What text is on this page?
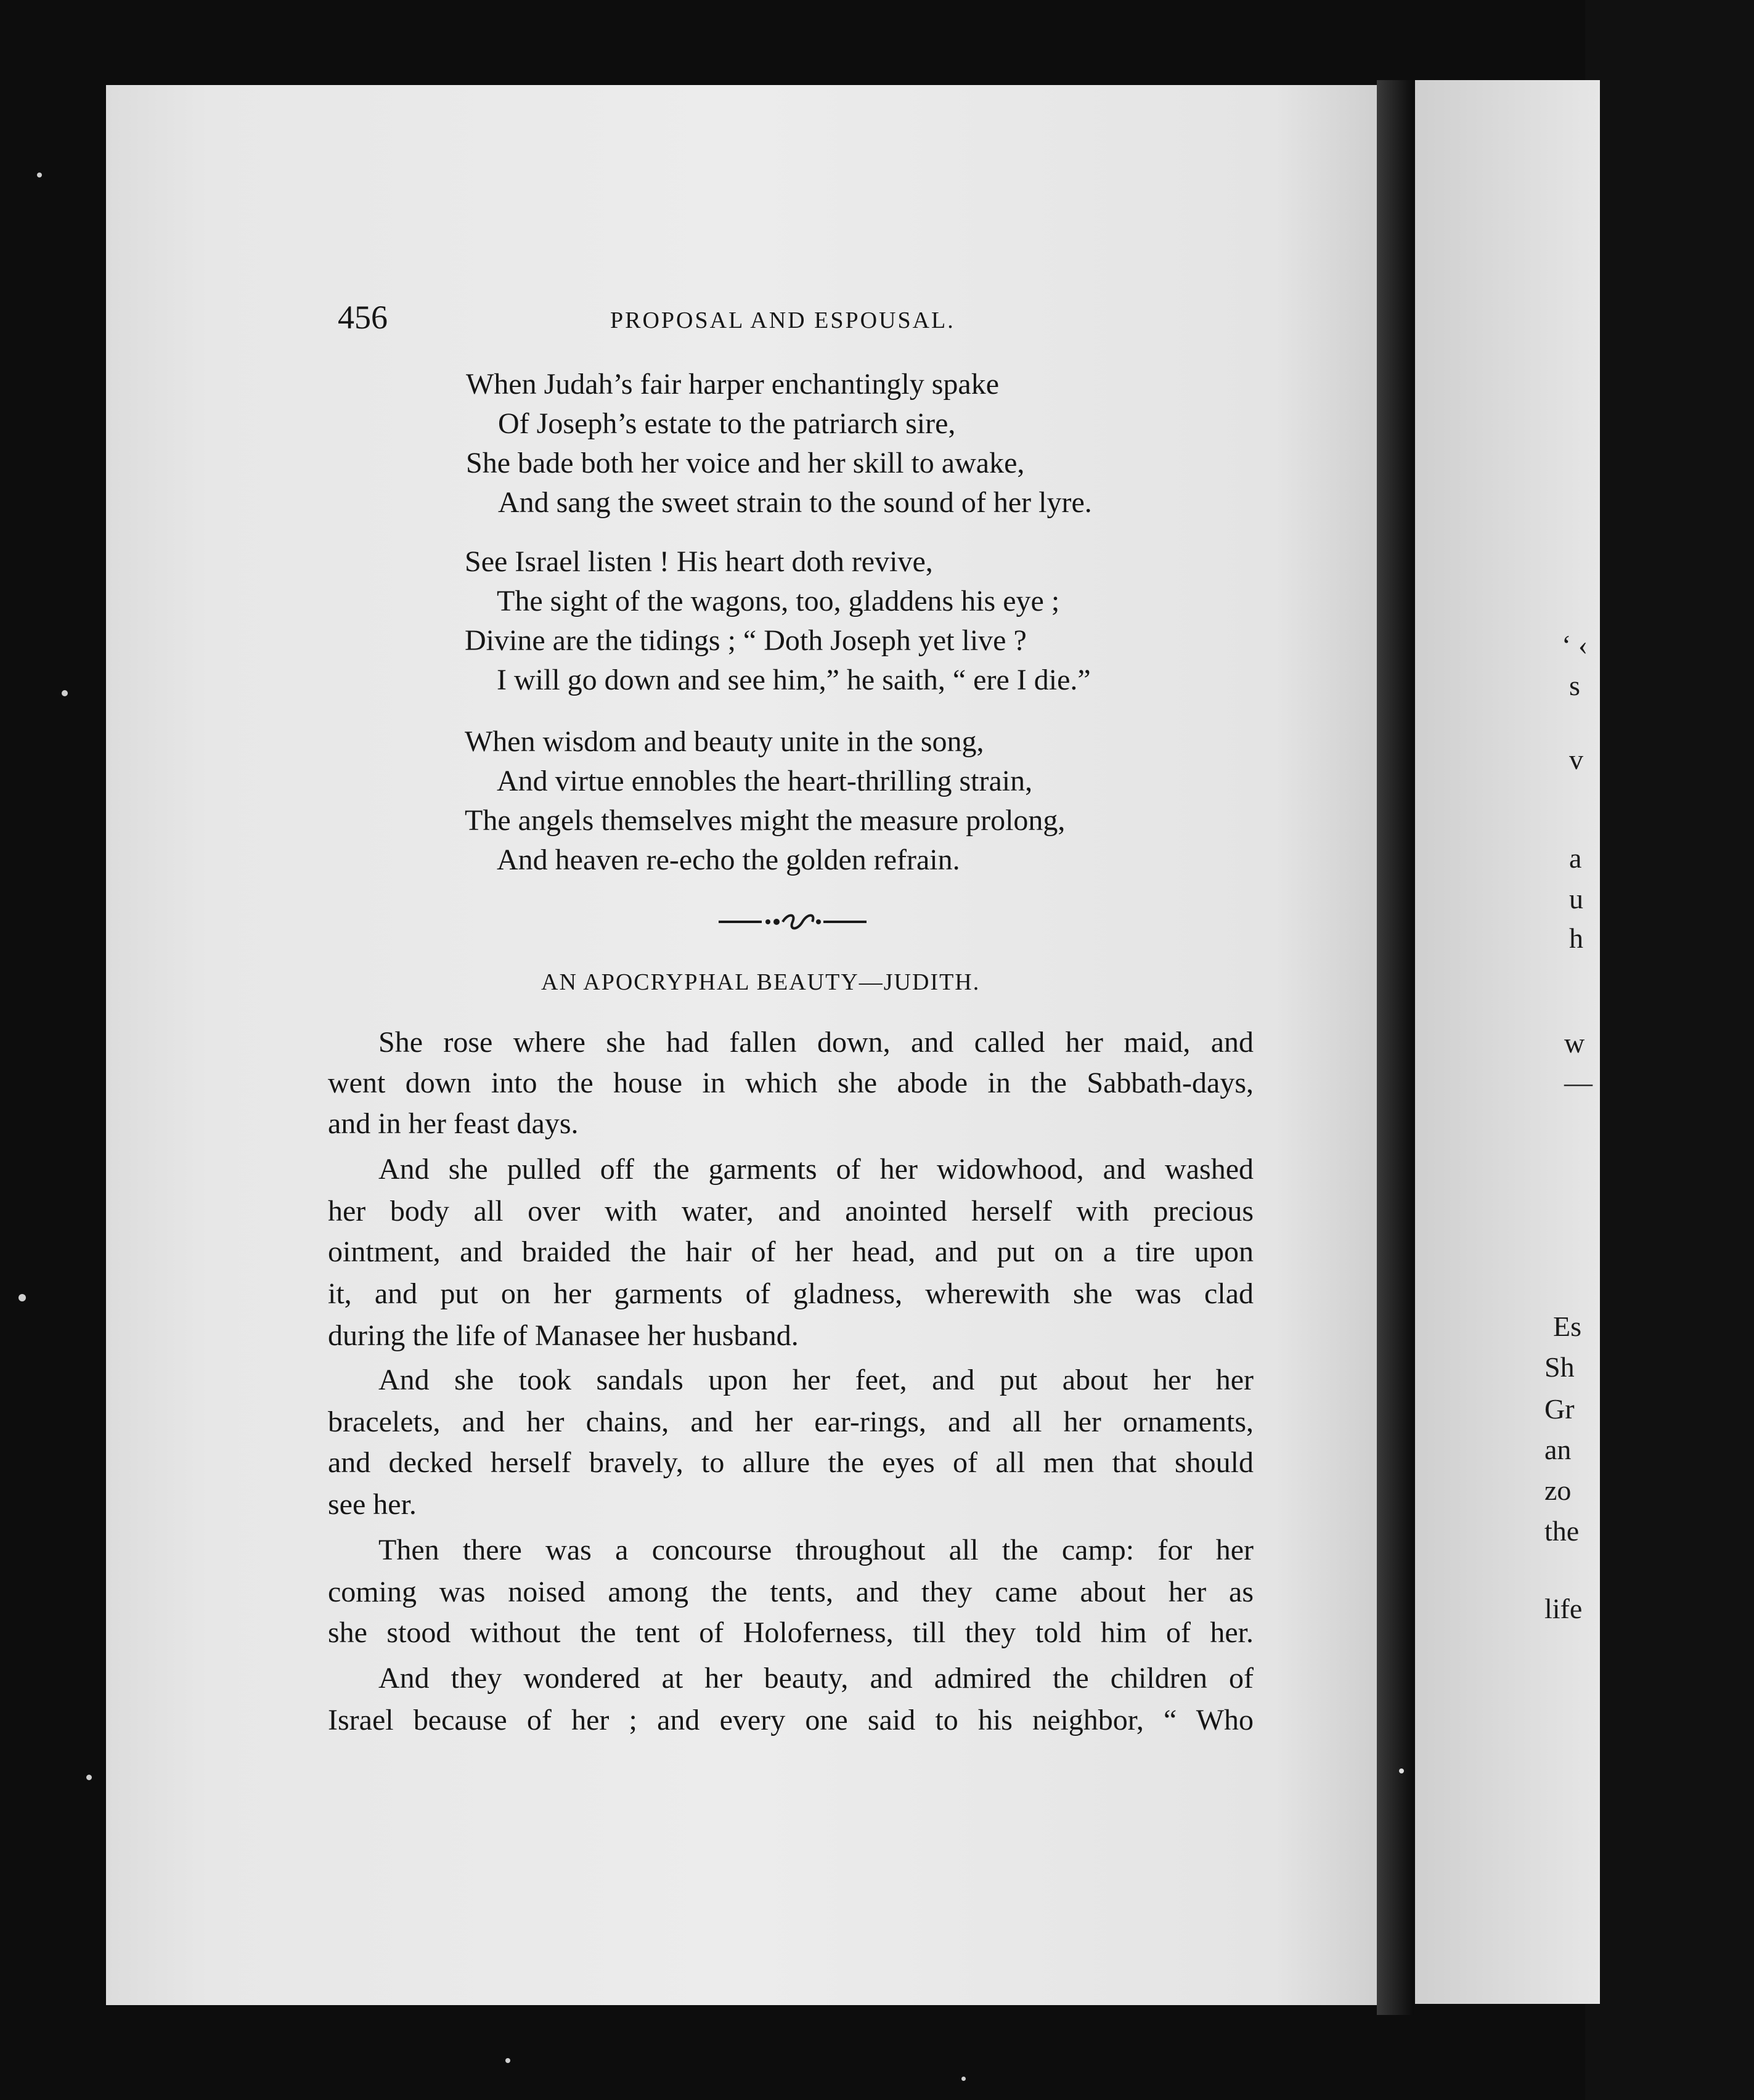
‘ ‹
s
v
a
u
h
w
—
Es
Sh
Gr
an
zo
the
life
456	PROPOSAL AND ESPOUSAL.
When Judah’s fair harper enchantingly spake
Of Joseph’s estate to the patriarch sire,
She bade both her voice and her skill to awake,
And sang the sweet strain to the sound of her lyre.
See Israel listen ! His heart doth revive,
The sight of the wagons, too, gladdens his eye ;
Divine are the tidings ; “ Doth Joseph yet live ?
I will go down and see him,” he saith, “ ere I die.”
When wisdom and beauty unite in the song,
And virtue ennobles the heart-thrilling strain,
The angels themselves might the measure prolong,
And heaven re-echo the golden refrain.
AN APOCRYPHAL BEAUTY—JUDITH.
She rose where she had fallen down, and called her maid, and
went down into the house in which she abode in the Sabbath-days,
and in her feast days.
And she pulled off the garments of her widowhood, and washed
her body all over with water, and anointed herself with precious
ointment, and braided the hair of her head, and put on a tire upon
it, and put on her garments of gladness, wherewith she was clad
during the life of Manasee her husband.
And she took sandals upon her feet, and put about her her
bracelets, and her chains, and her ear-rings, and all her ornaments,
and decked herself bravely, to allure the eyes of all men that should
see her.
Then there was a concourse throughout all the camp: for her
coming was noised among the tents, and they came about her as
she stood without the tent of Holoferness, till they told him of her.
And they wondered at her beauty, and admired the children of
Israel because of her ; and every one said to his neighbor, “ Who
